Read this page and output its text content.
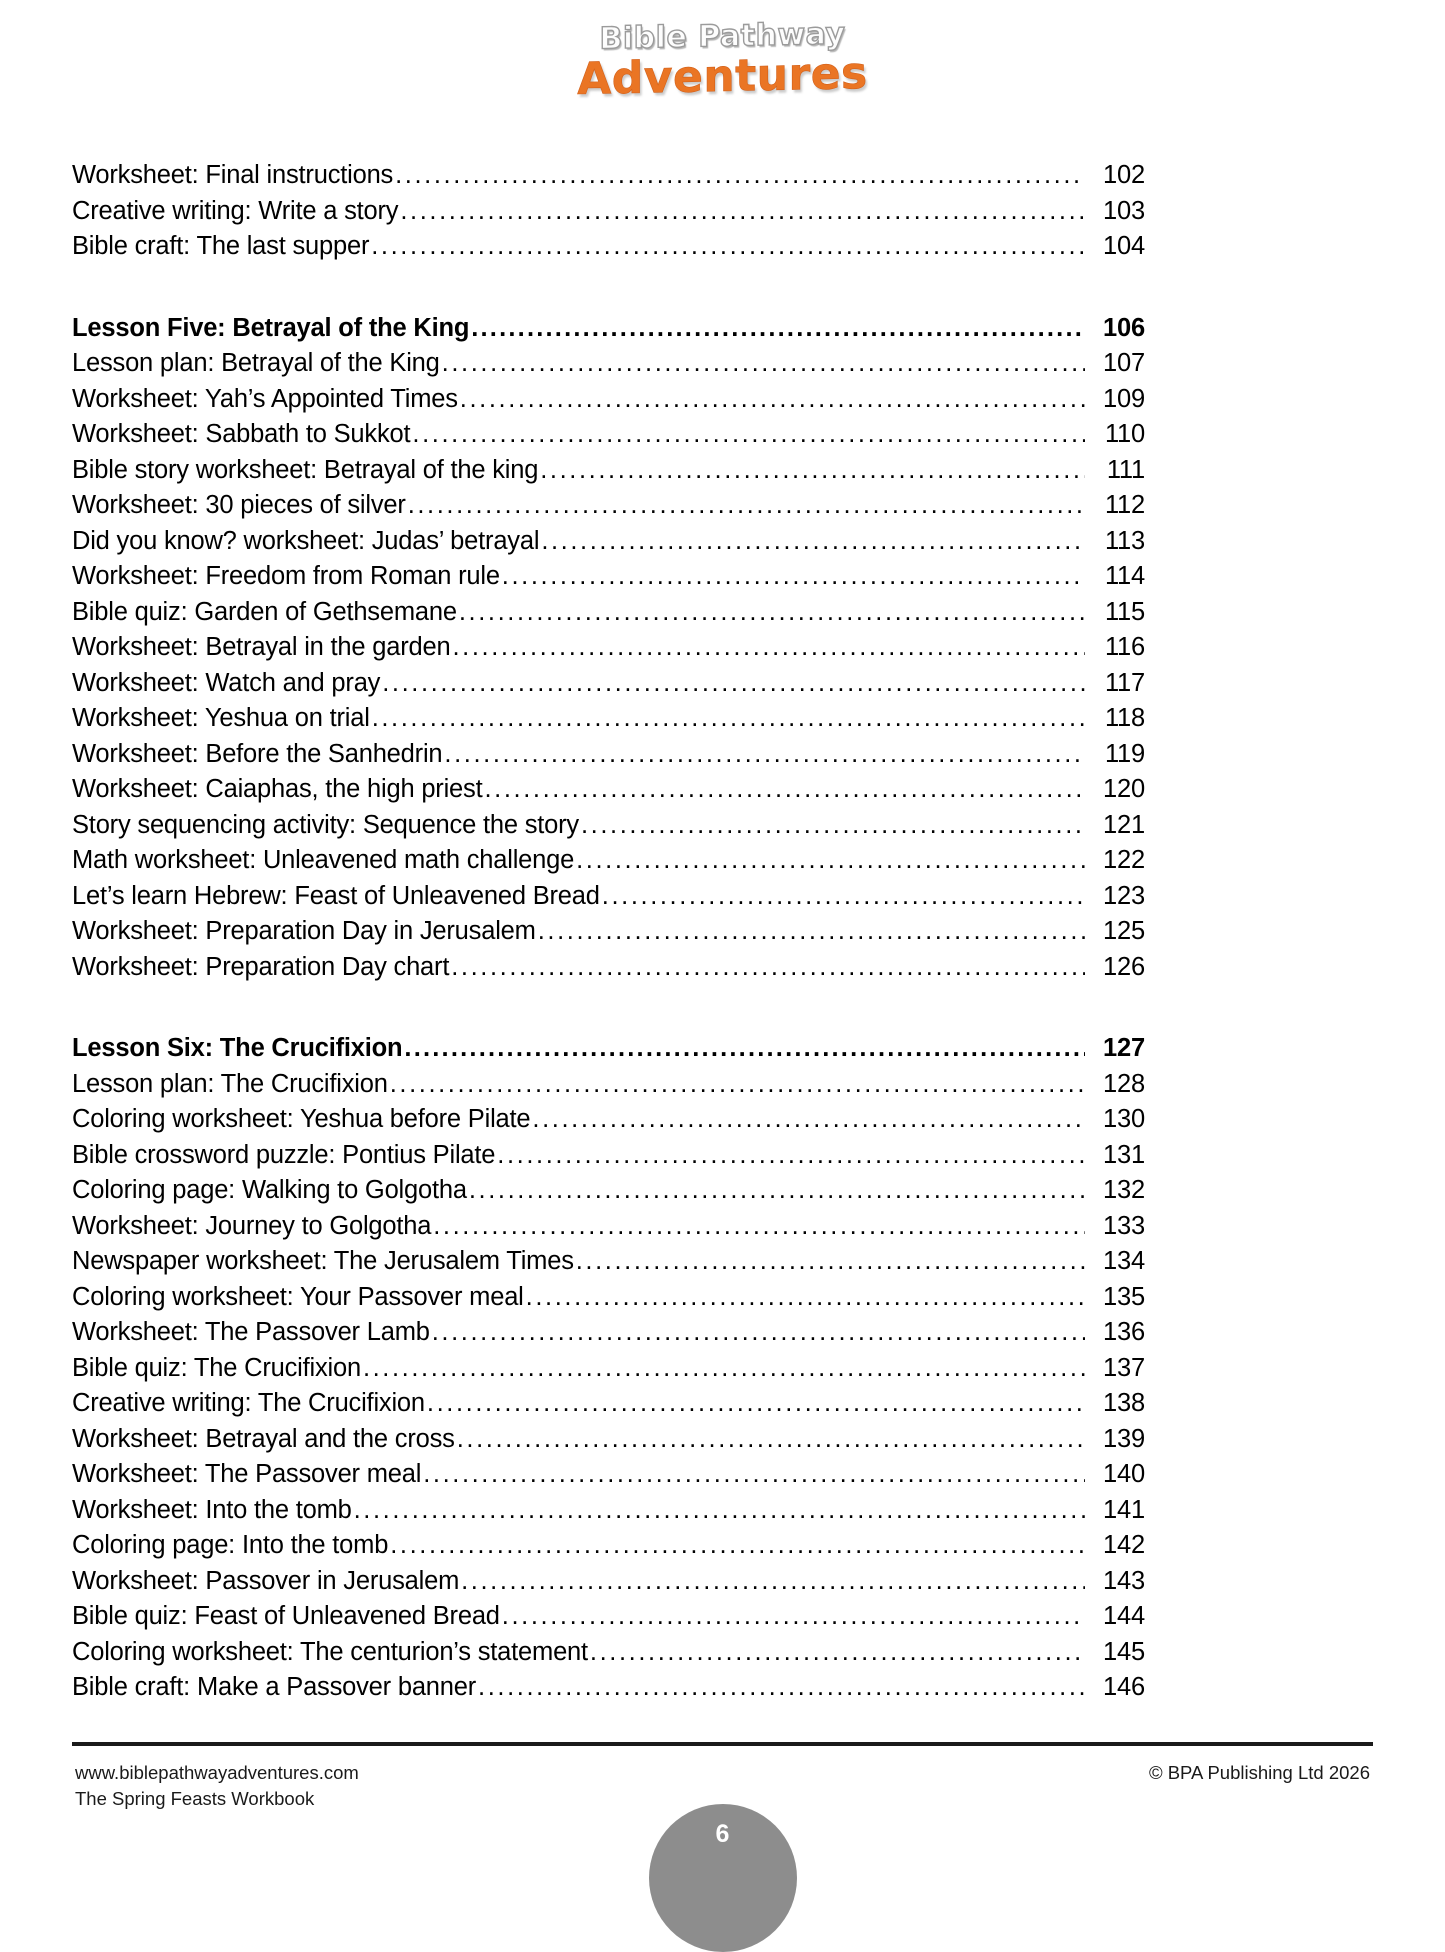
Bible Pathway
Adventures
Worksheet: Final instructions .....	102
Creative writing: Write a story .....	103
Bible craft: The last supper .....	104
Lesson Five: Betrayal of the King .....	106
Lesson plan: Betrayal of the King .....	107
Worksheet: Yah’s Appointed Times .....	109
Worksheet: Sabbath to Sukkot .....	110
Bible story worksheet: Betrayal of the king .....	111
Worksheet: 30 pieces of silver .....	112
Did you know? worksheet: Judas’ betrayal .....	113
Worksheet: Freedom from Roman rule .....	114
Bible quiz: Garden of Gethsemane .....	115
Worksheet: Betrayal in the garden .....	116
Worksheet: Watch and pray .....	117
Worksheet: Yeshua on trial .....	118
Worksheet: Before the Sanhedrin .....	119
Worksheet: Caiaphas, the high priest .....	120
Story sequencing activity: Sequence the story .....	121
Math worksheet: Unleavened math challenge .....	122
Let’s learn Hebrew: Feast of Unleavened Bread .....	123
Worksheet: Preparation Day in Jerusalem .....	125
Worksheet: Preparation Day chart .....	126
Lesson Six: The Crucifixion .....	127
Lesson plan: The Crucifixion .....	128
Coloring worksheet: Yeshua before Pilate .....	130
Bible crossword puzzle: Pontius Pilate .....	131
Coloring page: Walking to Golgotha .....	132
Worksheet: Journey to Golgotha .....	133
Newspaper worksheet: The Jerusalem Times .....	134
Coloring worksheet: Your Passover meal .....	135
Worksheet: The Passover Lamb .....	136
Bible quiz: The Crucifixion .....	137
Creative writing: The Crucifixion .....	138
Worksheet: Betrayal and the cross .....	139
Worksheet: The Passover meal .....	140
Worksheet: Into the tomb .....	141
Coloring page: Into the tomb .....	142
Worksheet: Passover in Jerusalem .....	143
Bible quiz: Feast of Unleavened Bread .....	144
Coloring worksheet: The centurion’s statement .....	145
Bible craft: Make a Passover banner .....	146
www.biblepathwayadventures.com
The Spring Feasts Workbook
© BPA Publishing Ltd 2026
6
